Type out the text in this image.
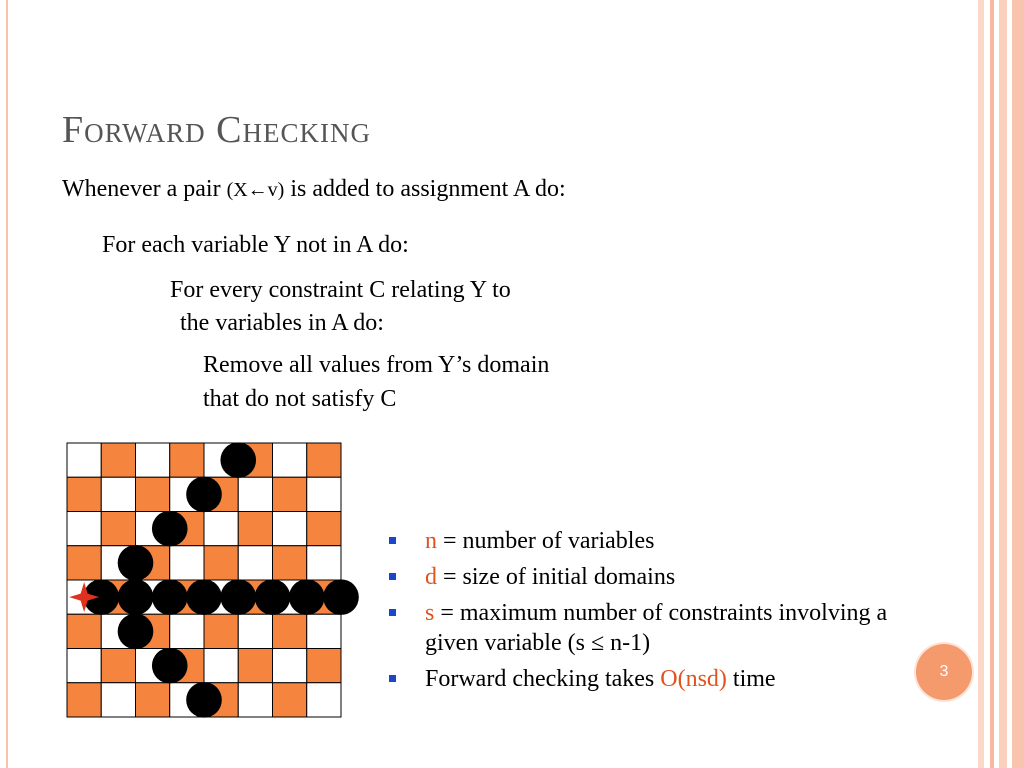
Forward Checking
Whenever a pair (X←v) is added to assignment A do:
For each variable Y not in A do:
For every constraint C relating Y to
the variables in A do:
Remove all values from Y’s domain
that do not satisfy C
n = number of variables
d = size of initial domains
s = maximum number of constraints involving a given variable (s ≤ n-1)
Forward checking takes O(nsd) time	3
